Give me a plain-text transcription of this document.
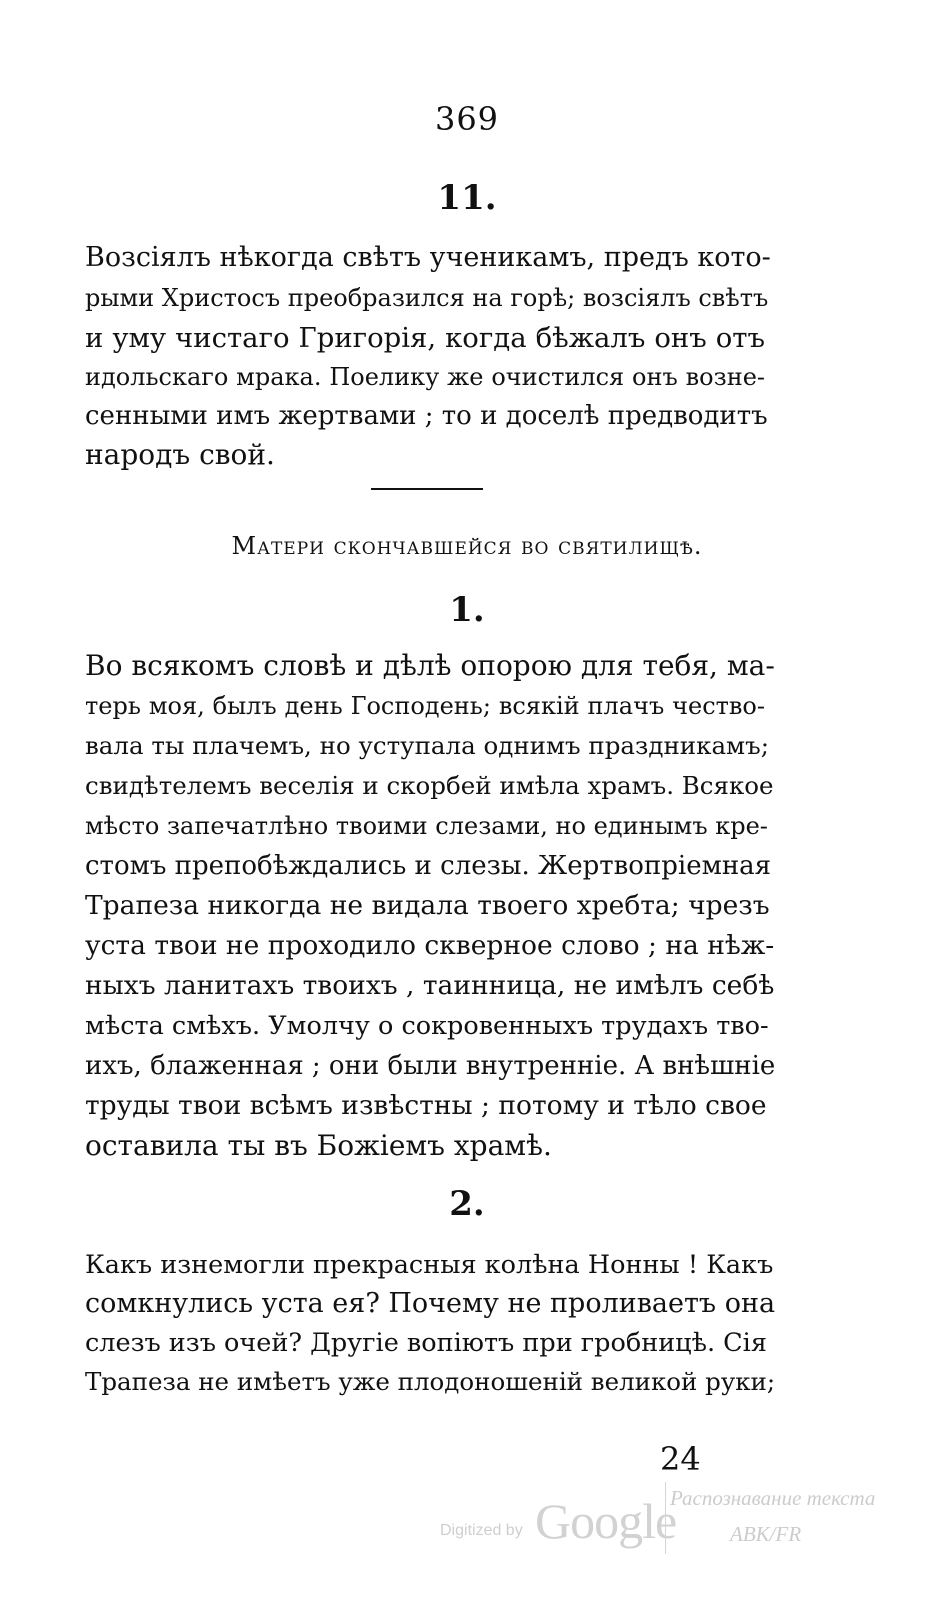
369
11.
Возсіялъ нѣкогда свѣтъ ученикамъ, предъ кото-
рыми Христосъ преобразился на горѣ; возсіялъ свѣтъ
и уму чистаго Григорія, когда бѣжалъ онъ отъ
идольскаго мрака. Поелику же очистился онъ возне-
сенными имъ жертвами ; то и доселѣ предводитъ
народъ свой.
Матери скончавшейся во святилищѣ.
1.
Во всякомъ словѣ и дѣлѣ опорою для тебя, ма-
терь моя, былъ день Господень; всякій плачъ чество-
вала ты плачемъ, но уступала однимъ праздникамъ;
свидѣтелемъ веселія и скорбей имѣла храмъ. Всякое
мѣсто запечатлѣно твоими слезами, но единымъ кре-
стомъ препобѣждались и слезы. Жертвопріемная
Трапеза никогда не видала твоего хребта; чрезъ
уста твои не проходило скверное слово ; на нѣж-
ныхъ ланитахъ твоихъ , таинница, не имѣлъ себѣ
мѣста смѣхъ. Умолчу о сокровенныхъ трудахъ тво-
ихъ, блаженная ; они были внутренніе. А внѣшніе
труды твои всѣмъ извѣстны ; потому и тѣло свое
оставила ты въ Божіемъ храмѣ.
2.
Какъ изнемогли прекрасныя колѣна Нонны ! Какъ
сомкнулись уста ея? Почему не проливаетъ она
слезъ изъ очей? Другіе вопіютъ при гробницѣ. Сія
Трапеза не имѣетъ уже плодоношеній великой руки;
24
Digitized by Google
Распознавание текста
ABK/FR
